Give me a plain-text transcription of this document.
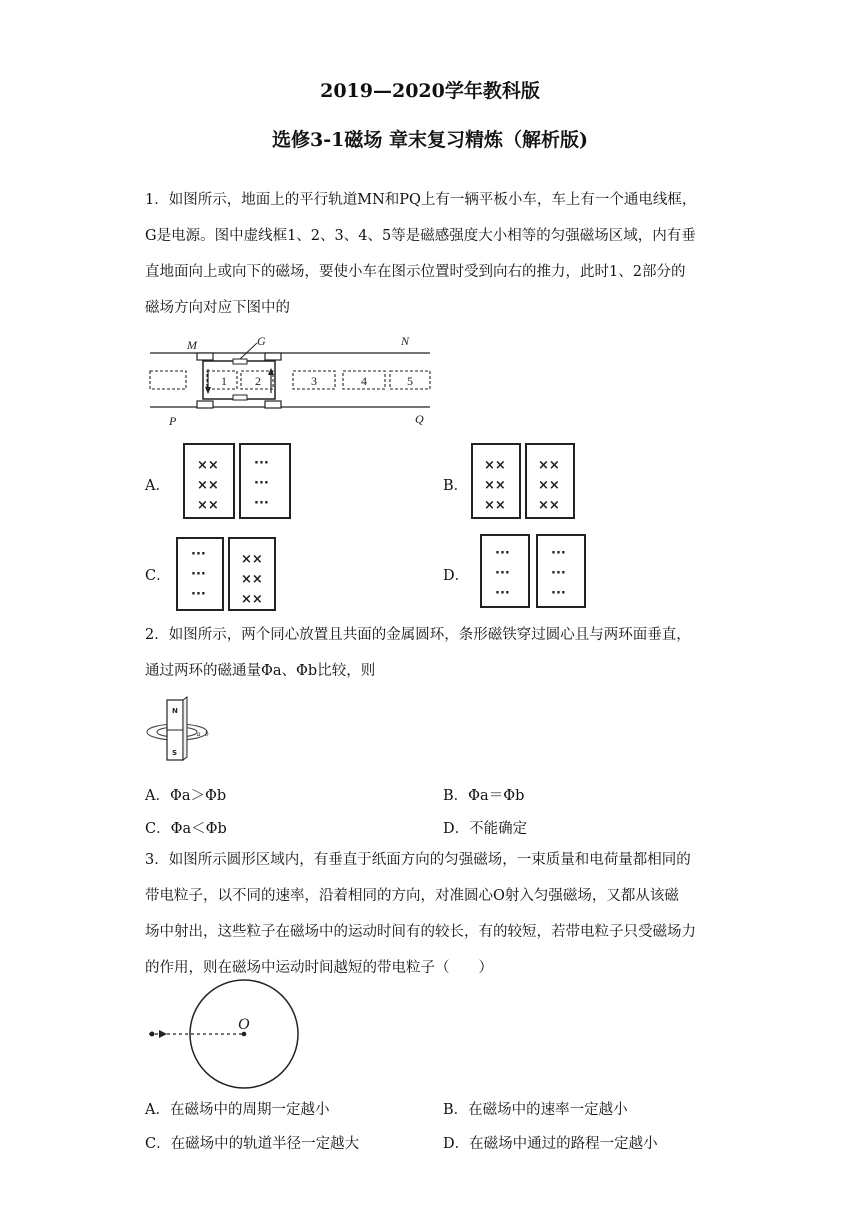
2019—2020学年教科版
选修3-1磁场 章末复习精炼（解析版)
1．如图所示，地面上的平行轨道MN和PQ上有一辆平板小车，车上有一个通电线框，
G是电源。图中虚线框1、2、3、4、5等是磁感强度大小相等的匀强磁场区域，内有垂
直地面向上或向下的磁场，要使小车在图示位置时受到向右的推力，此时1、2部分的
磁场方向对应下图中的
M	G	N
P	Q
1 2	3	4	5
A．
××
××
××
···
···
···
B．
××
××
××
××
××
××
C．
···
···
···
××
××
××
D．
···
···
···
···
···
···
2．如图所示，两个同心放置且共面的金属圆环，条形磁铁穿过圆心且与两环面垂直，
通过两环的磁通量Φa、Φb比较，则
N
S
a b
A．Φa＞Φb	B．Φa＝Φb
C．Φa＜Φb	D．不能确定
3．如图所示圆形区域内，有垂直于纸面方向的匀强磁场，一束质量和电荷量都相同的
带电粒子，以不同的速率，沿着相同的方向，对准圆心O射入匀强磁场，又都从该磁
场中射出，这些粒子在磁场中的运动时间有的较长，有的较短，若带电粒子只受磁场力
的作用，则在磁场中运动时间越短的带电粒子（　　）
O
A．在磁场中的周期一定越小	B．在磁场中的速率一定越小
C．在磁场中的轨道半径一定越大	D．在磁场中通过的路程一定越小
